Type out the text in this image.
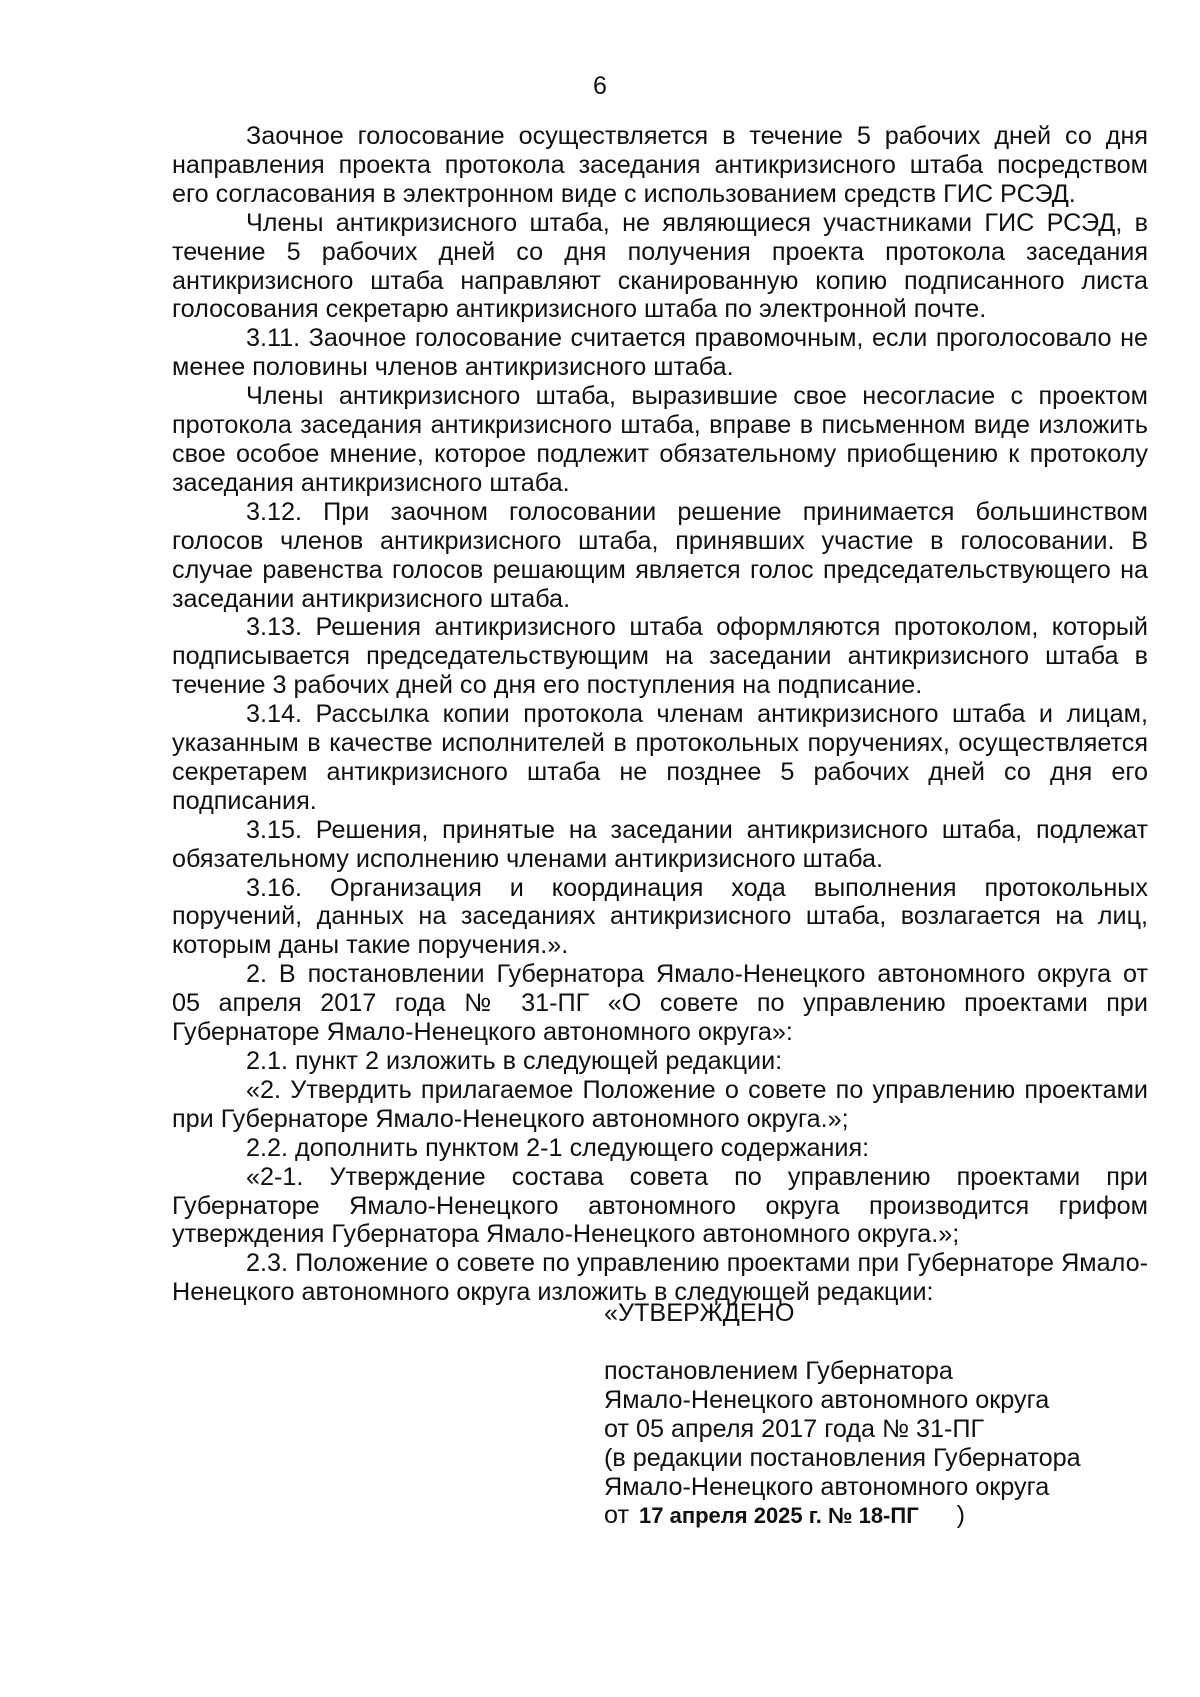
6

Заочное голосование осуществляется в течение 5 рабочих дней со дня направления проекта протокола заседания антикризисного штаба посредством его согласования в электронном виде с использованием средств ГИС РСЭД.

Члены антикризисного штаба, не являющиеся участниками ГИС РСЭД, в течение 5 рабочих дней со дня получения проекта протокола заседания антикризисного штаба направляют сканированную копию подписанного листа голосования секретарю антикризисного штаба по электронной почте.

3.11. Заочное голосование считается правомочным, если проголосовало не менее половины членов антикризисного штаба.

Члены антикризисного штаба, выразившие свое несогласие с проектом протокола заседания антикризисного штаба, вправе в письменном виде изложить свое особое мнение, которое подлежит обязательному приобщению к протоколу заседания антикризисного штаба.

3.12. При заочном голосовании решение принимается большинством голосов членов антикризисного штаба, принявших участие в голосовании. В случае равенства голосов решающим является голос председательствующего на заседании антикризисного штаба.

3.13. Решения антикризисного штаба оформляются протоколом, который подписывается председательствующим на заседании антикризисного штаба в течение 3 рабочих дней со дня его поступления на подписание.

3.14. Рассылка копии протокола членам антикризисного штаба и лицам, указанным в качестве исполнителей в протокольных поручениях, осуществляется секретарем антикризисного штаба не позднее 5 рабочих дней со дня его подписания.

3.15. Решения, принятые на заседании антикризисного штаба, подлежат обязательному исполнению членами антикризисного штаба.

3.16. Организация и координация хода выполнения протокольных поручений, данных на заседаниях антикризисного штаба, возлагается на лиц, которым даны такие поручения.».

2. В постановлении Губернатора Ямало-Ненецкого автономного округа от 05 апреля 2017 года № 31-ПГ «О совете по управлению проектами при Губернаторе Ямало-Ненецкого автономного округа»:

2.1. пункт 2 изложить в следующей редакции:

«2. Утвердить прилагаемое Положение о совете по управлению проектами при Губернаторе Ямало-Ненецкого автономного округа.»;

2.2. дополнить пунктом 2-1 следующего содержания:

«2-1. Утверждение состава совета по управлению проектами при Губернаторе Ямало-Ненецкого автономного округа производится грифом утверждения Губернатора Ямало-Ненецкого автономного округа.»;

2.3. Положение о совете по управлению проектами при Губернаторе Ямало-Ненецкого автономного округа изложить в следующей редакции:

«УТВЕРЖДЕНО

постановлением Губернатора

Ямало-Ненецкого автономного округа

от 05 апреля 2017 года № 31-ПГ

(в редакции постановления Губернатора

Ямало-Ненецкого автономного округа

от 17 апреля 2025 г. № 18-ПГ )
